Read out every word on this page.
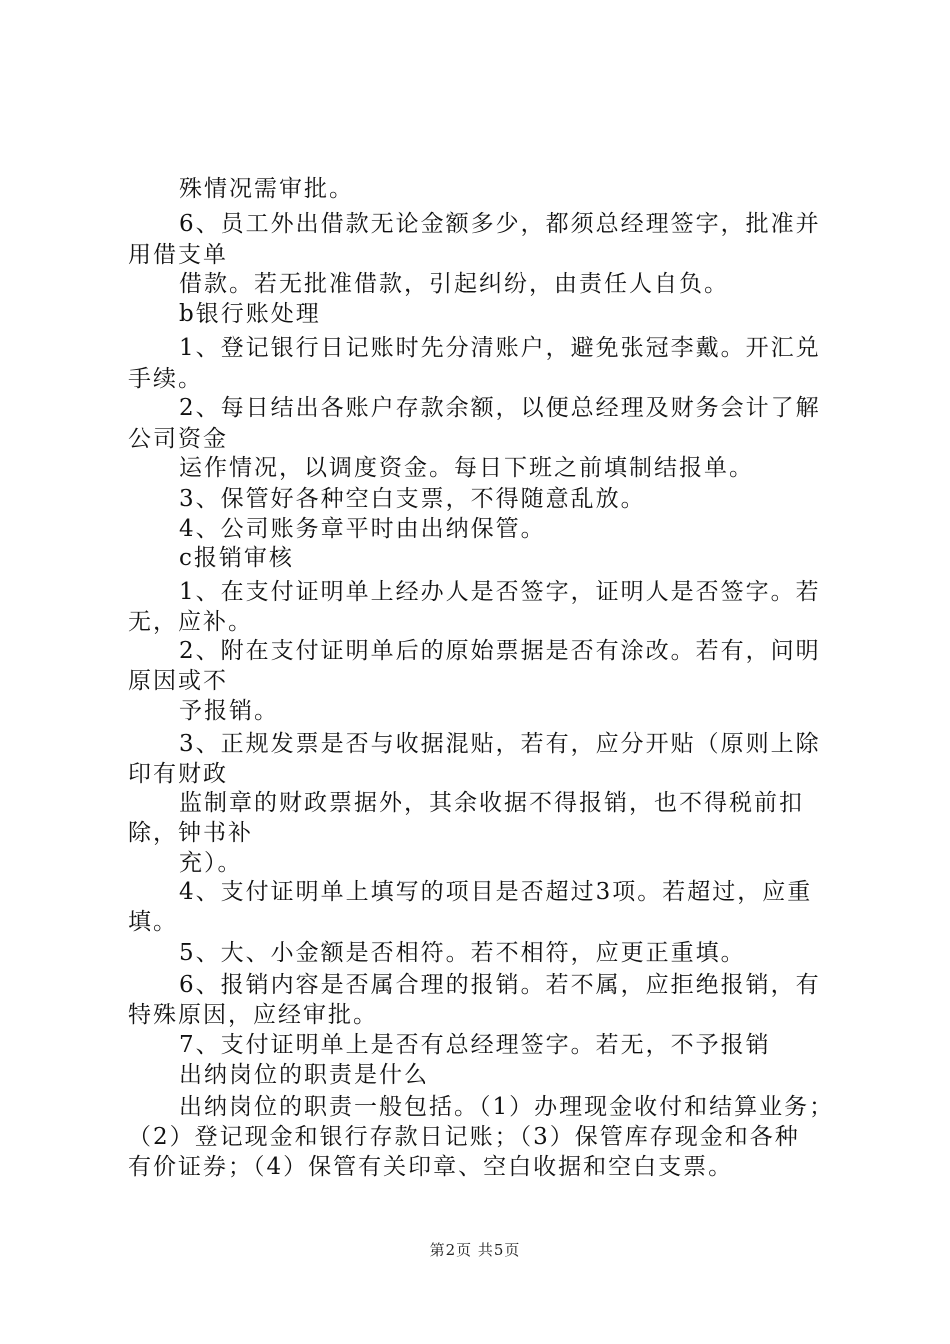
殊情况需审批。
6、员工外出借款无论金额多少，都须总经理签字，批准并
用借支单
借款。若无批准借款，引起纠纷，由责任人自负。
b银行账处理
1、登记银行日记账时先分清账户，避免张冠李戴。开汇兑
手续。
2、每日结出各账户存款余额，以便总经理及财务会计了解
公司资金
运作情况，以调度资金。每日下班之前填制结报单。
3、保管好各种空白支票，不得随意乱放。
4、公司账务章平时由出纳保管。
c报销审核
1、在支付证明单上经办人是否签字，证明人是否签字。若
无，应补。
2、附在支付证明单后的原始票据是否有涂改。若有，问明
原因或不
予报销。
3、正规发票是否与收据混贴，若有，应分开贴（原则上除
印有财政
监制章的财政票据外，其余收据不得报销，也不得税前扣
除，钟书补
充）。
4、支付证明单上填写的项目是否超过3项。若超过，应重
填。
5、大、小金额是否相符。若不相符，应更正重填。
6、报销内容是否属合理的报销。若不属，应拒绝报销，有
特殊原因，应经审批。
7、支付证明单上是否有总经理签字。若无，不予报销
出纳岗位的职责是什么
出纳岗位的职责一般包括。（1）办理现金收付和结算业务；
（2）登记现金和银行存款日记账；（3）保管库存现金和各种
有价证券；（4）保管有关印章、空白收据和空白支票。
第2页 共5页
